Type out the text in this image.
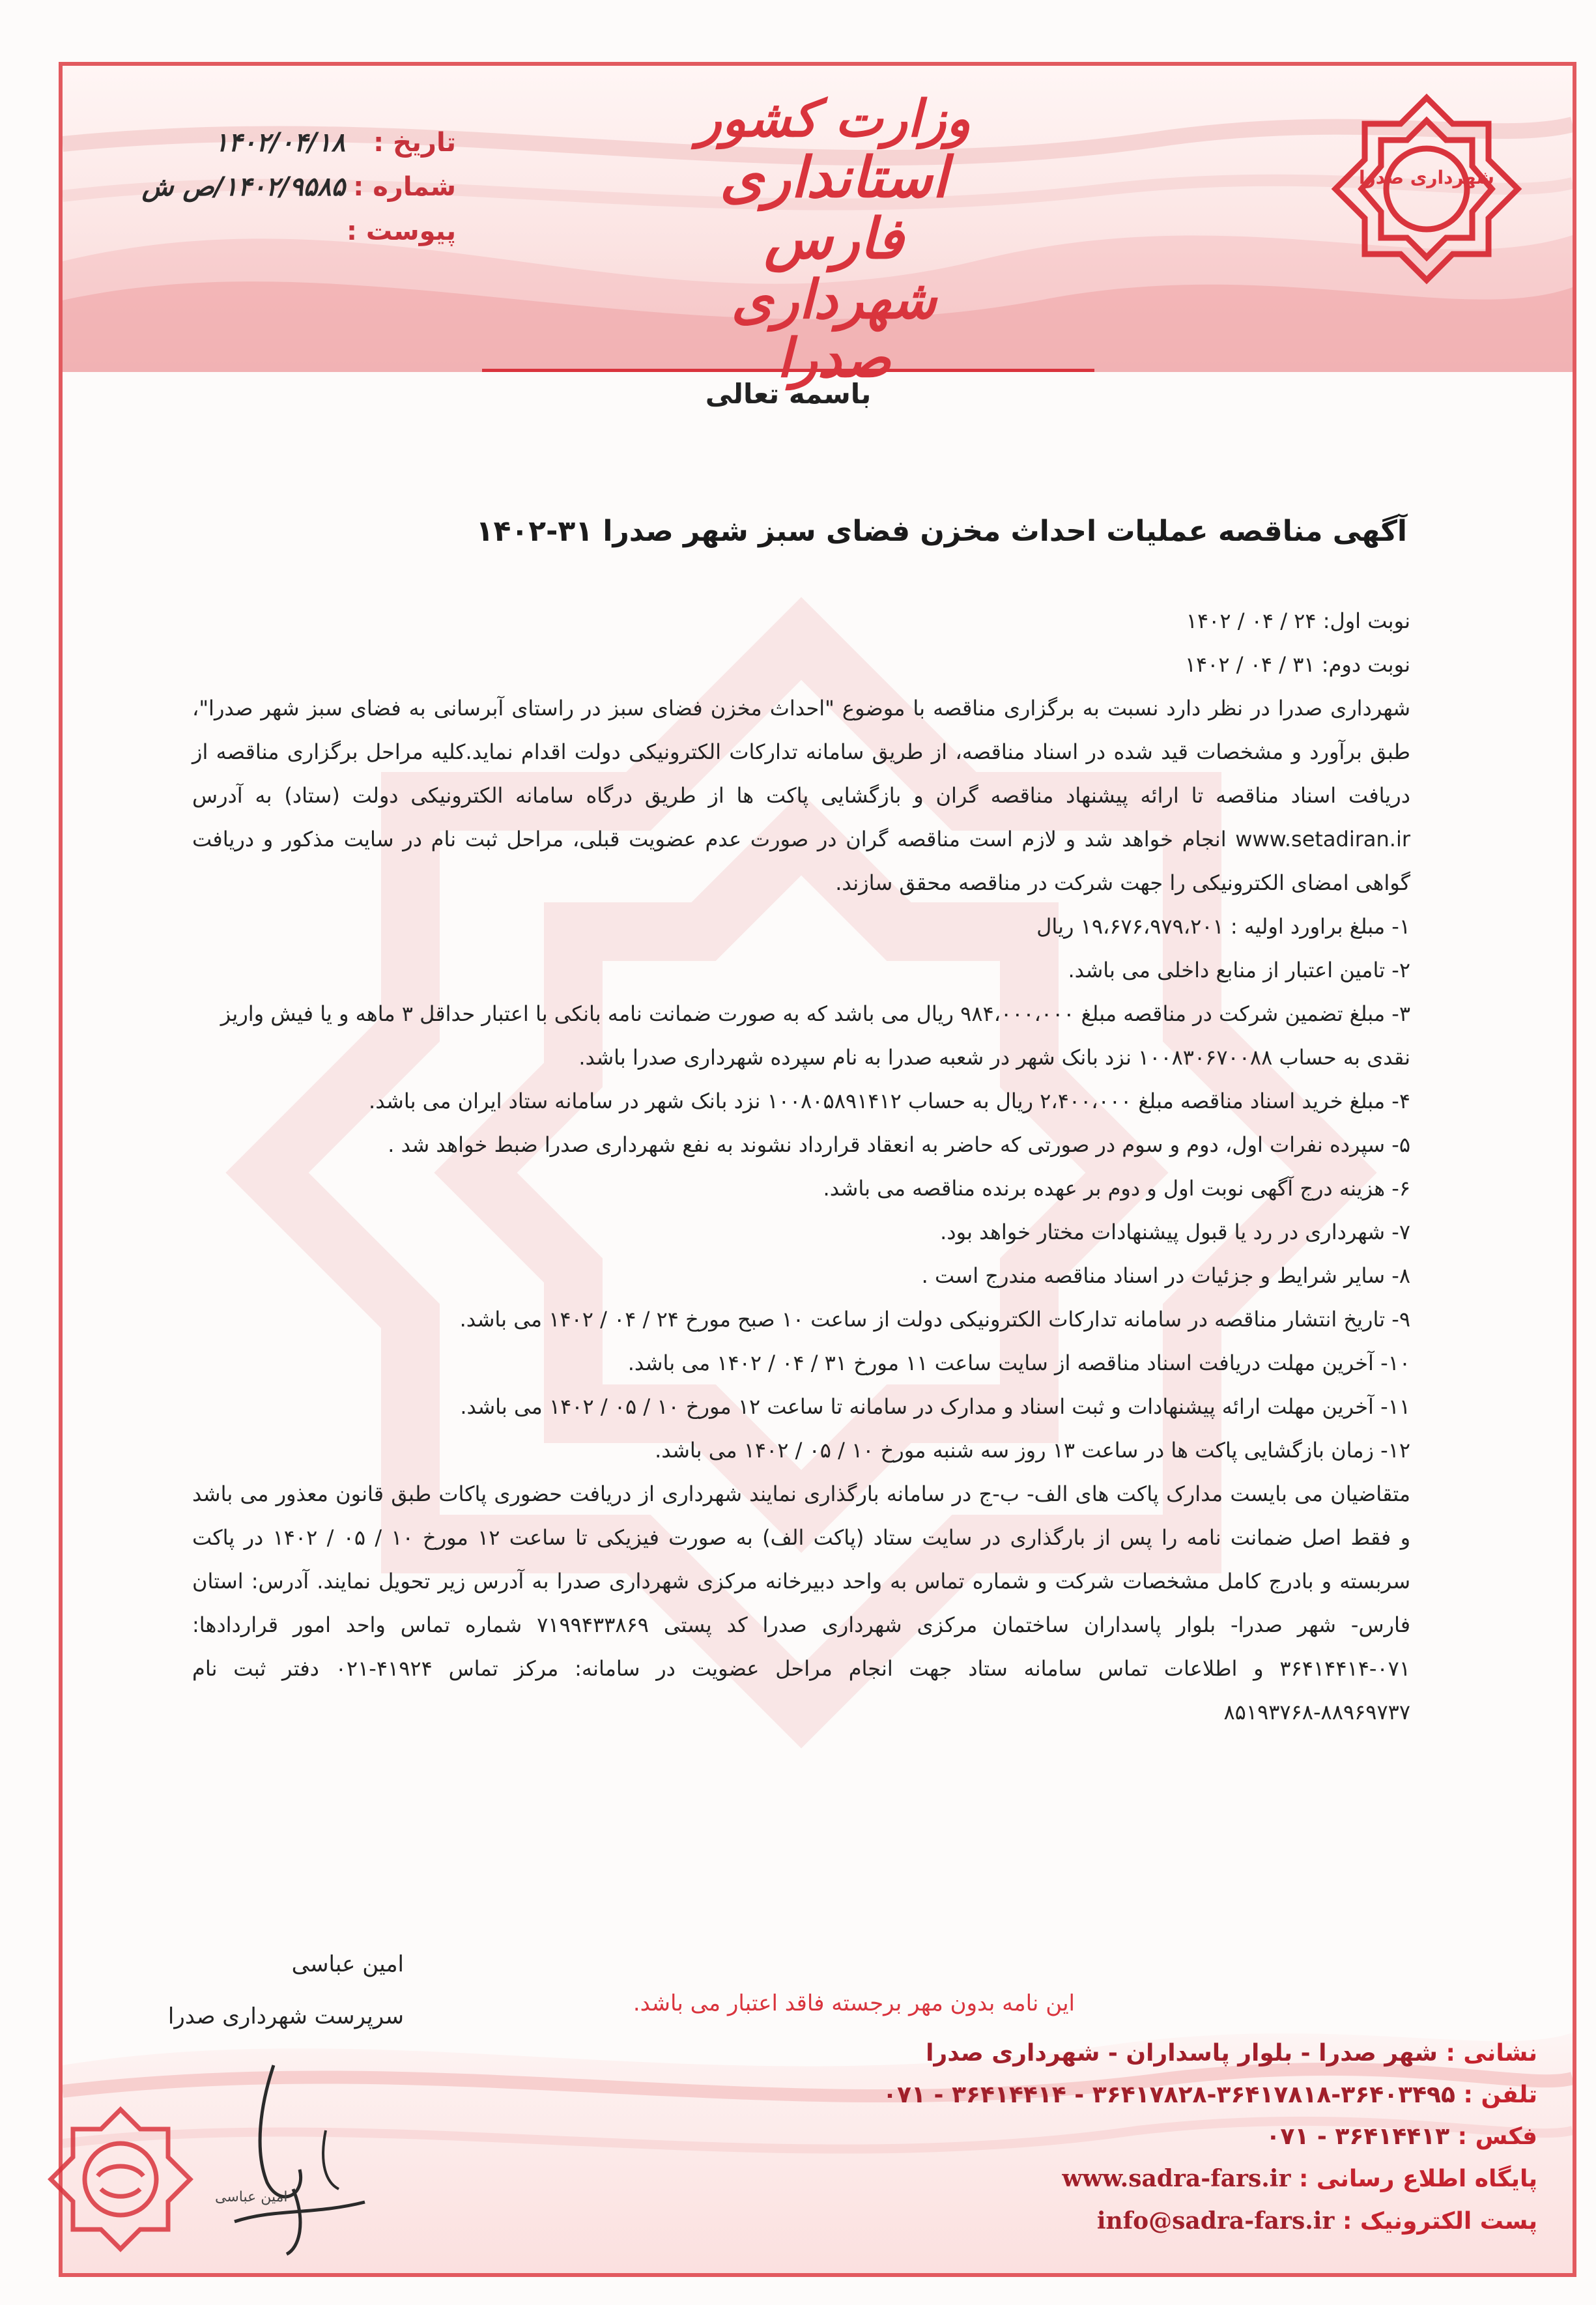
شهرداری صدرا
وزارت کشور
استانداری فارس
شهرداری صدرا
تاریخ :
۱۴۰۲/۰۴/۱۸
شماره :
۱۴۰۲/۹۵۸۵/ص ش
پیوست :
باسمه تعالی
آگهی مناقصه عملیات احداث مخزن فضای سبز شهر صدرا ۳۱-۱۴۰۲

نوبت اول: ۲۴ / ۰۴ / ۱۴۰۲

نوبت دوم: ۳۱ / ۰۴ / ۱۴۰۲

شهرداری صدرا در نظر دارد نسبت به برگزاری مناقصه با موضوع "احداث مخزن فضای سبز در راستای آبرسانی به فضای سبز شهر صدرا"، طبق برآورد و مشخصات قید شده در اسناد مناقصه، از طریق سامانه تدارکات الکترونیکی دولت اقدام نماید.کلیه مراحل برگزاری مناقصه از دریافت اسناد مناقصه تا ارائه پیشنهاد مناقصه گران و بازگشایی پاکت ها از طریق درگاه سامانه الکترونیکی دولت (ستاد) به آدرس www.setadiran.ir انجام خواهد شد و لازم است مناقصه گران در صورت عدم عضویت قبلی، مراحل ثبت نام در سایت مذکور و دریافت گواهی امضای الکترونیکی را جهت شرکت در مناقصه محقق سازند.

۱- مبلغ براورد اولیه : ۱۹،۶۷۶،۹۷۹،۲۰۱ ریال
۲- تامین اعتبار از منابع داخلی می باشد.
۳- مبلغ تضمین شرکت در مناقصه مبلغ ۹۸۴،۰۰۰،۰۰۰ ریال می باشد که به صورت ضمانت نامه بانکی با اعتبار حداقل ۳ ماهه و یا فیش واریز نقدی به حساب ۱۰۰۸۳۰۶۷۰۰۸۸ نزد بانک شهر در شعبه صدرا به نام سپرده شهرداری صدرا باشد.
۴- مبلغ خرید اسناد مناقصه مبلغ ۲،۴۰۰،۰۰۰ ریال به حساب ۱۰۰۸۰۵۸۹۱۴۱۲ نزد بانک شهر در سامانه ستاد ایران می باشد.
۵- سپرده نفرات اول، دوم و سوم در صورتی که حاضر به انعقاد قرارداد نشوند به نفع شهرداری صدرا ضبط خواهد شد .
۶- هزینه درج آگهی نوبت اول و دوم بر عهده برنده مناقصه می باشد.
۷- شهرداری در رد یا قبول پیشنهادات مختار خواهد بود.
۸- سایر شرایط و جزئیات در اسناد مناقصه مندرج است .
۹- تاریخ انتشار مناقصه در سامانه تدارکات الکترونیکی دولت از ساعت ۱۰ صبح مورخ ۲۴ / ۰۴ / ۱۴۰۲ می باشد.
۱۰- آخرین مهلت دریافت اسناد مناقصه از سایت ساعت ۱۱ مورخ ۳۱ / ۰۴ / ۱۴۰۲ می باشد.
۱۱- آخرین مهلت ارائه پیشنهادات و ثبت اسناد و مدارک در سامانه تا ساعت ۱۲ مورخ ۱۰ / ۰۵ / ۱۴۰۲ می باشد.
۱۲- زمان بازگشایی پاکت ها در ساعت ۱۳ روز سه شنبه مورخ ۱۰ / ۰۵ / ۱۴۰۲ می باشد.

متقاضیان می بایست مدارک پاکت های الف- ب-ج در سامانه بارگذاری نمایند شهرداری از دریافت حضوری پاکات طبق قانون معذور می باشد و فقط اصل ضمانت نامه را پس از بارگذاری در سایت ستاد (پاکت الف) به صورت فیزیکی تا ساعت ۱۲ مورخ ۱۰ / ۰۵ / ۱۴۰۲ در پاکت سربسته و بادرج کامل مشخصات شرکت و شماره تماس به واحد دبیرخانه مرکزی شهرداری صدرا به آدرس زیر تحویل نمایند. آدرس: استان فارس- شهر صدرا- بلوار پاسداران ساختمان مرکزی شهرداری صدرا کد پستی ۷۱۹۹۴۳۳۸۶۹ شماره تماس واحد امور قراردادها: ۰۷۱-۳۶۴۱۴۴۱۴ و اطلاعات تماس سامانه ستاد جهت انجام مراحل عضویت در سامانه: مرکز تماس ۴۱۹۲۴-۰۲۱ دفتر ثبت نام ۸۸۹۶۹۷۳۷-۸۵۱۹۳۷۶۸

امین عباسی
سرپرست شهرداری صدرا	این نامه بدون مهر برجسته فاقد اعتبار می باشد.
امین عباسی
نشانی : شهر صدرا - بلوار پاسداران - شهرداری صدرا
تلفن : ۳۶۴۰۳۴۹۵-۳۶۴۱۷۸۱۸-۳۶۴۱۷۸۲۸ - ۳۶۴۱۴۴۱۴ - ۰۷۱
فکس : ۳۶۴۱۴۴۱۳ - ۰۷۱
پایگاه اطلاع رسانی : www.sadra-fars.ir
پست الکترونیک : info@sadra-fars.ir
